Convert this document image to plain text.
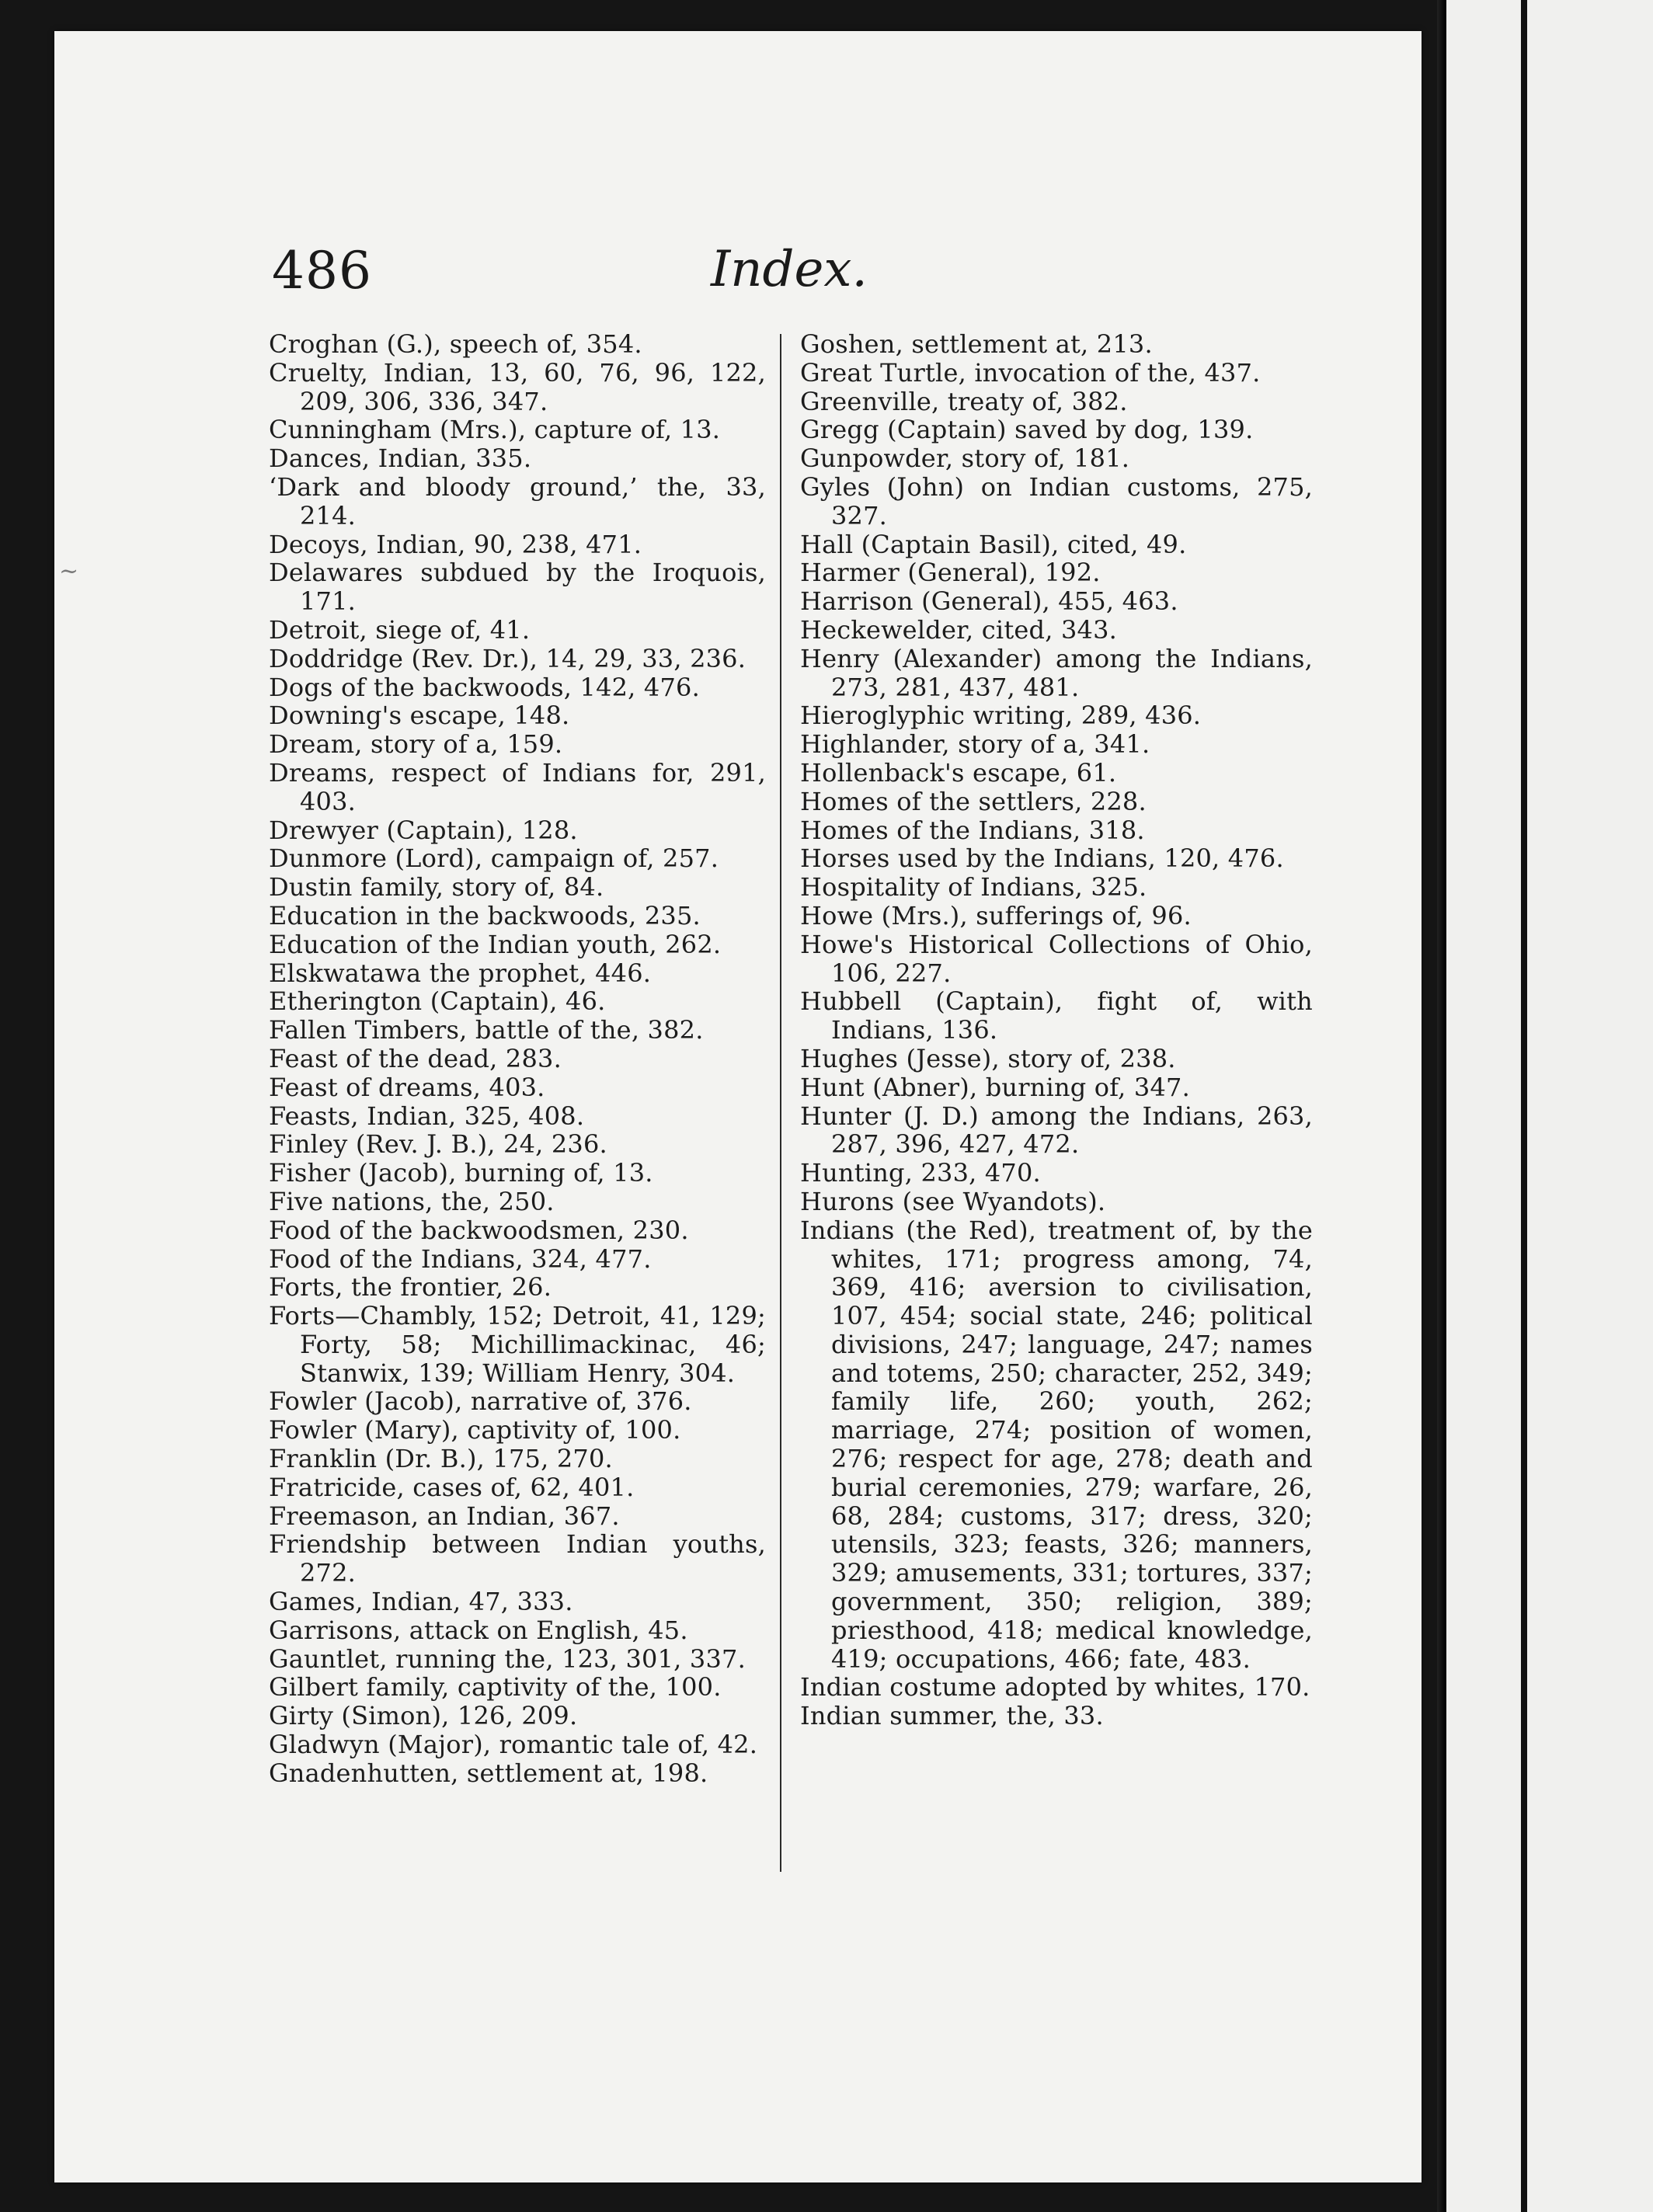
~
486	Index.

Croghan (G.), speech of, 354.

Cruelty, Indian, 13, 60, 76, 96, 122, 209, 306, 336, 347.

Cunningham (Mrs.), capture of, 13.

Dances, Indian, 335.

‘Dark and bloody ground,’ the, 33, 214.

Decoys, Indian, 90, 238, 471.

Delawares subdued by the Iroquois, 171.

Detroit, siege of, 41.

Doddridge (Rev. Dr.), 14, 29, 33, 236.

Dogs of the backwoods, 142, 476.

Downing's escape, 148.

Dream, story of a, 159.

Dreams, respect of Indians for, 291, 403.

Drewyer (Captain), 128.

Dunmore (Lord), campaign of, 257.

Dustin family, story of, 84.

Education in the backwoods, 235.

Education of the Indian youth, 262.

Elskwatawa the prophet, 446.

Etherington (Captain), 46.

Fallen Timbers, battle of the, 382.

Feast of the dead, 283.

Feast of dreams, 403.

Feasts, Indian, 325, 408.

Finley (Rev. J. B.), 24, 236.

Fisher (Jacob), burning of, 13.

Five nations, the, 250.

Food of the backwoodsmen, 230.

Food of the Indians, 324, 477.

Forts, the frontier, 26.

Forts—Chambly, 152; Detroit, 41, 129; Forty, 58; Michillimackinac, 46; Stanwix, 139; William Henry, 304.

Fowler (Jacob), narrative of, 376.

Fowler (Mary), captivity of, 100.

Franklin (Dr. B.), 175, 270.

Fratricide, cases of, 62, 401.

Freemason, an Indian, 367.

Friendship between Indian youths, 272.

Games, Indian, 47, 333.

Garrisons, attack on English, 45.

Gauntlet, running the, 123, 301, 337.

Gilbert family, captivity of the, 100.

Girty (Simon), 126, 209.

Gladwyn (Major), romantic tale of, 42.

Gnadenhutten, settlement at, 198.

Goshen, settlement at, 213.

Great Turtle, invocation of the, 437.

Greenville, treaty of, 382.

Gregg (Captain) saved by dog, 139.

Gunpowder, story of, 181.

Gyles (John) on Indian customs, 275, 327.

Hall (Captain Basil), cited, 49.

Harmer (General), 192.

Harrison (General), 455, 463.

Heckewelder, cited, 343.

Henry (Alexander) among the Indians, 273, 281, 437, 481.

Hieroglyphic writing, 289, 436.

Highlander, story of a, 341.

Hollenback's escape, 61.

Homes of the settlers, 228.

Homes of the Indians, 318.

Horses used by the Indians, 120, 476.

Hospitality of Indians, 325.

Howe (Mrs.), sufferings of, 96.

Howe's Historical Collections of Ohio, 106, 227.

Hubbell (Captain), fight of, with Indians, 136.

Hughes (Jesse), story of, 238.

Hunt (Abner), burning of, 347.

Hunter (J. D.) among the Indians, 263, 287, 396, 427, 472.

Hunting, 233, 470.

Hurons (see Wyandots).

Indians (the Red), treatment of, by the whites, 171; progress among, 74, 369, 416; aversion to civilisation, 107, 454; social state, 246; political divisions, 247; language, 247; names and totems, 250; character, 252, 349; family life, 260; youth, 262; marriage, 274; position of women, 276; respect for age, 278; death and burial ceremonies, 279; warfare, 26, 68, 284; customs, 317; dress, 320; utensils, 323; feasts, 326; manners, 329; amusements, 331; tortures, 337; government, 350; religion, 389; priesthood, 418; medical knowledge, 419; occupations, 466; fate, 483.

Indian costume adopted by whites, 170.

Indian summer, the, 33.
